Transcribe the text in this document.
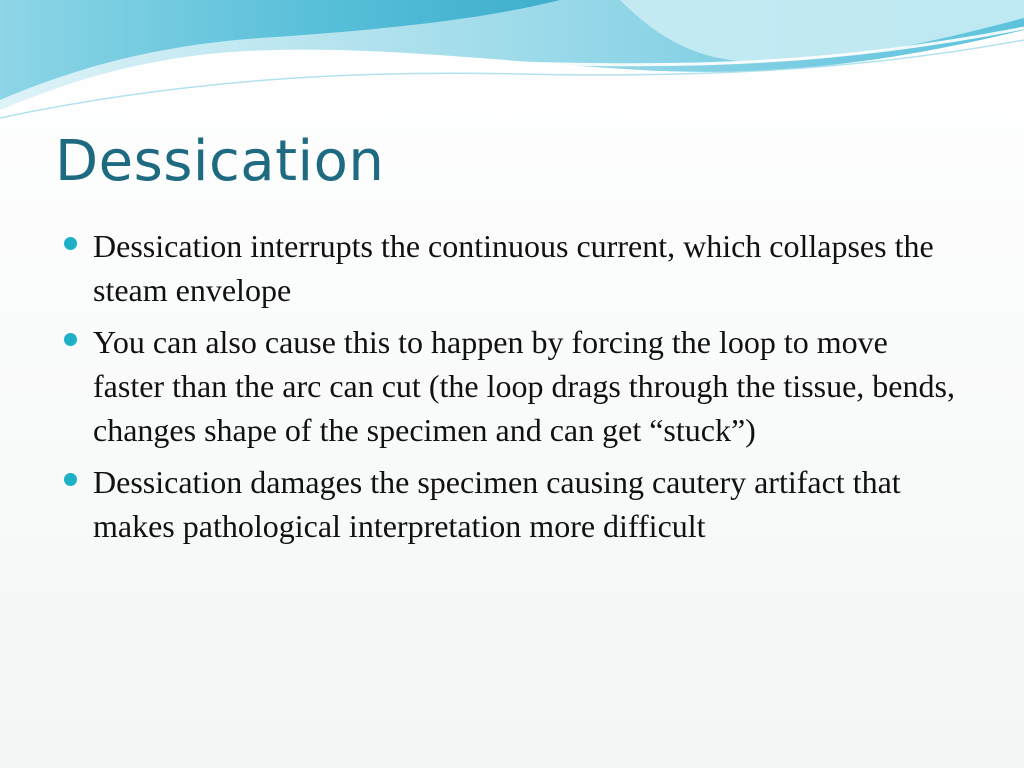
Dessication
Dessication interrupts the continuous current, which collapses the steam envelope
You can also cause this to happen by forcing the loop to move faster than the arc can cut (the loop drags through the tissue, bends, changes shape of the specimen and can get “stuck”)
Dessication damages the specimen causing cautery artifact that makes pathological interpretation more difficult
